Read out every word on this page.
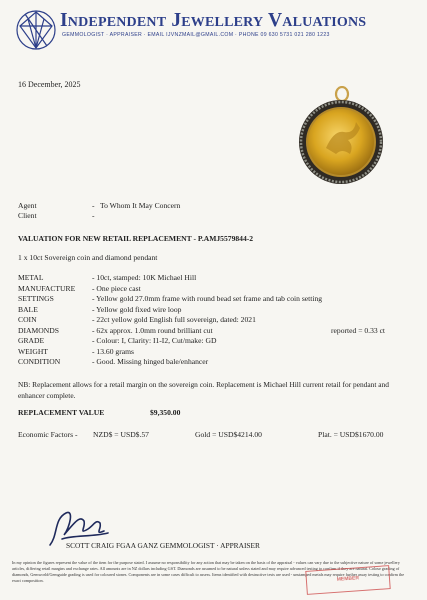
Independent Jewellery Valuations
GEMMOLOGIST · APPRAISER · EMAIL IJVNZMAIL@GMAIL.COM · PHONE 09 630 5731 021 280 1223
16 December, 2025
Agent	- To Whom It May Concern
Client	-
VALUATION FOR NEW RETAIL REPLACEMENT - P.AMJ5579844-2
1 x 10ct Sovereign coin and diamond pendant
METAL	- 10ct, stamped: 10K Michael Hill
MANUFACTURE - One piece cast
SETTINGS	- Yellow gold 27.0mm frame with round bead set frame and tab coin setting
BALE	- Yellow gold fixed wire loop
COIN	- 22ct yellow gold English full sovereign, dated: 2021
DIAMONDS	- 62x approx. 1.0mm round brilliant cut	reported = 0.33 ct
GRADE	- Colour: I, Clarity: I1-I2, Cut/make: GD
WEIGHT	- 13.60 grams
CONDITION	- Good. Missing hinged bale/enhancer
NB: Replacement allows for a retail margin on the sovereign coin. Replacement is Michael Hill current retail for pendant and enhancer complete.
REPLACEMENT VALUE	$9,350.00
Economic Factors - NZD$ = USD$.57	Gold = USD$4214.00	Plat. = USD$1670.00
SCOTT CRAIG FGAA GANZ GEMMOLOGIST · APPRAISER
In my opinion the figures represent the value of the item for the purpose stated. I assume no responsibility for any action that may be taken on the basis of the appraisal - values can vary due to the subjective nature of some jewellery articles, differing retail margins and exchange rates. All amounts are in NZ dollars including GST. Diamonds are assumed to be natural unless stated and may require advanced testing to confirm if they are natural. Colour grading of diamonds, Gemworld/Gemguide grading is used for coloured stones. Components are in some cases difficult to assess. Items identified with destructive tests are used - unstamped metals may require further assay testing to confirm the exact composition.	MEMBER
